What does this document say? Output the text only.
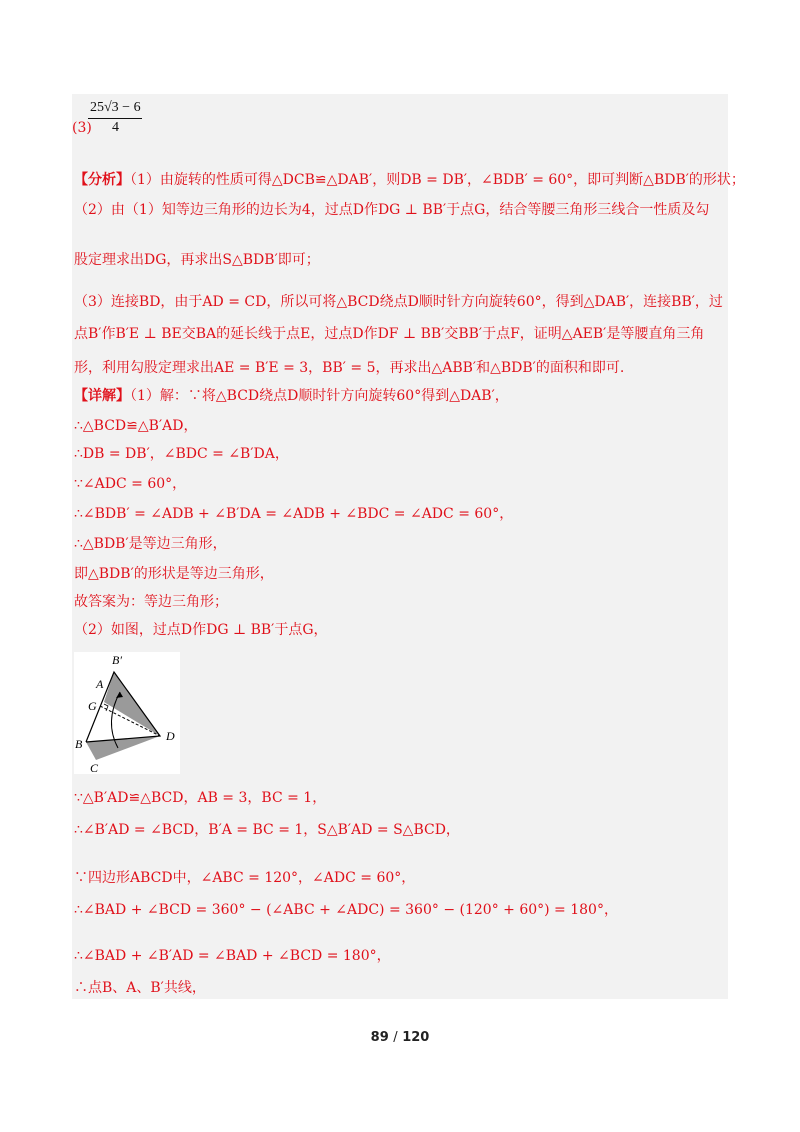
(3)
25√3 − 6
4
【分析】（1）由旋转的性质可得△DCB≌△DAB′，则DB = DB′，∠BDB′ = 60°，即可判断△BDB′的形状；
（2）由（1）知等边三角形的边长为4，过点D作DG ⊥ BB′于点G，结合等腰三角形三线合一性质及勾
股定理求出DG，再求出S△BDB′即可；
（3）连接BD，由于AD = CD，所以可将△BCD绕点D顺时针方向旋转60°，得到△DAB′，连接BB′，过
点B′作B′E ⊥ BE交BA的延长线于点E，过点D作DF ⊥ BB′交BB′于点F，证明△AEB′是等腰直角三角
形，利用勾股定理求出AE = B′E = 3，BB′ = 5，再求出△ABB′和△BDB′的面积和即可.
【详解】（1）解：∵将△BCD绕点D顺时针方向旋转60°得到△DAB′，
∴△BCD≌△B′AD，
∴DB = DB′，∠BDC = ∠B′DA，
∵∠ADC = 60°，
∴∠BDB′ = ∠ADB + ∠B′DA = ∠ADB + ∠BDC = ∠ADC = 60°，
∴△BDB′是等边三角形，
即△BDB′的形状是等边三角形，
故答案为：等边三角形；
（2）如图，过点D作DG ⊥ BB′于点G，
B′
A
G
B
D
C
∵△B′AD≌△BCD，AB = 3，BC = 1，
∴∠B′AD = ∠BCD，B′A = BC = 1，S△B′AD = S△BCD，
∵四边形ABCD中，∠ABC = 120°，∠ADC = 60°，
∴∠BAD + ∠BCD = 360° − (∠ABC + ∠ADC) = 360° − (120° + 60°) = 180°，
∴∠BAD + ∠B′AD = ∠BAD + ∠BCD = 180°，
∴点B、A、B′共线，
89 / 120
